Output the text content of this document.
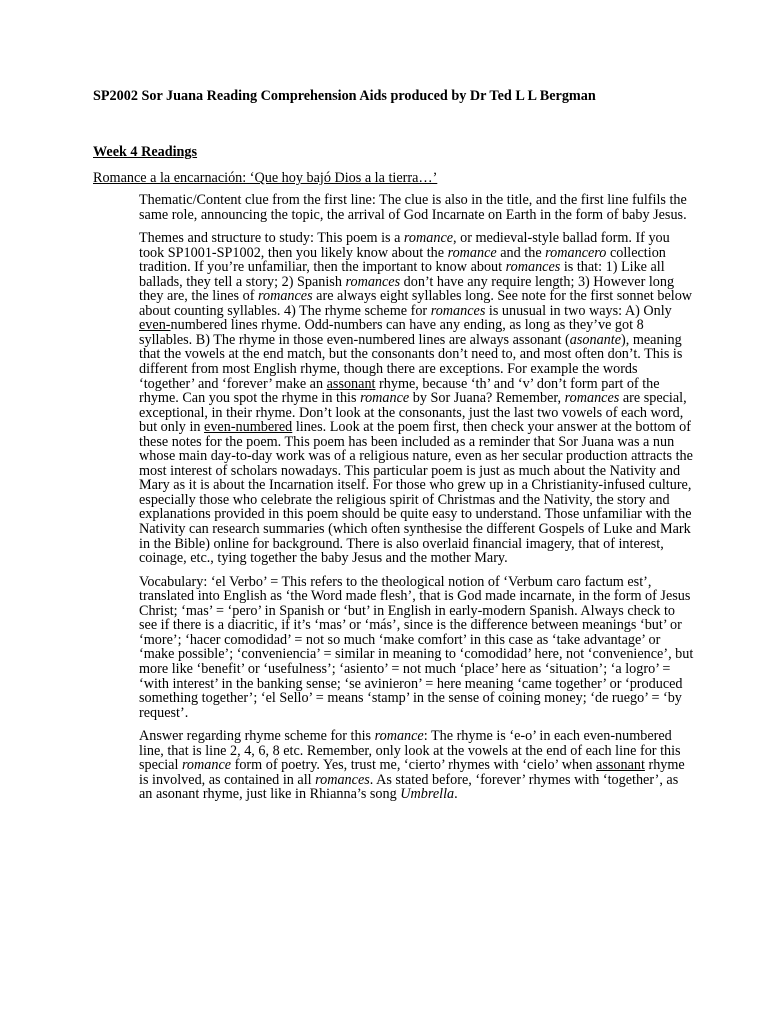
SP2002 Sor Juana Reading Comprehension Aids produced by Dr Ted L L Bergman
Week 4 Readings
Romance a la encarnación: ‘Que hoy bajó Dios a la tierra…’

Thematic/Content clue from the first line: The clue is also in the title, and the first line fulfils the same role, announcing the topic, the arrival of God Incarnate on Earth in the form of baby Jesus.

Themes and structure to study: This poem is a romance, or medieval-style ballad form. If you took SP1001-SP1002, then you likely know about the romance and the romancero collection tradition. If you’re unfamiliar, then the important to know about romances is that: 1) Like all ballads, they tell a story; 2) Spanish romances don’t have any require length; 3) However long they are, the lines of romances are always eight syllables long. See note for the first sonnet below about counting syllables. 4) The rhyme scheme for romances is unusual in two ways: A) Only even-numbered lines rhyme. Odd-numbers can have any ending, as long as they’ve got 8 syllables. B) The rhyme in those even-numbered lines are always assonant (asonante), meaning that the vowels at the end match, but the consonants don’t need to, and most often don’t. This is different from most English rhyme, though there are exceptions. For example the words ‘together’ and ‘forever’ make an assonant rhyme, because ‘th’ and ‘v’ don’t form part of the rhyme. Can you spot the rhyme in this romance by Sor Juana? Remember, romances are special, exceptional, in their rhyme. Don’t look at the consonants, just the last two vowels of each word, but only in even-numbered lines. Look at the poem first, then check your answer at the bottom of these notes for the poem. This poem has been included as a reminder that Sor Juana was a nun whose main day-to-day work was of a religious nature, even as her secular production attracts the most interest of scholars nowadays. This particular poem is just as much about the Nativity and Mary as it is about the Incarnation itself. For those who grew up in a Christianity-infused culture, especially those who celebrate the religious spirit of Christmas and the Nativity, the story and explanations provided in this poem should be quite easy to understand. Those unfamiliar with the Nativity can research summaries (which often synthesise the different Gospels of Luke and Mark in the Bible) online for background. There is also overlaid financial imagery, that of interest, coinage, etc., tying together the baby Jesus and the mother Mary.

Vocabulary: ‘el Verbo’ = This refers to the theological notion of ‘Verbum caro factum est’, translated into English as ‘the Word made flesh’, that is God made incarnate, in the form of Jesus Christ; ‘mas’ = ‘pero’ in Spanish or ‘but’ in English in early-modern Spanish. Always check to see if there is a diacritic, if it’s ‘mas’ or ‘más’, since is the difference between meanings ‘but’ or ‘more’; ‘hacer comodidad’ = not so much ‘make comfort’ in this case as ‘take advantage’ or ‘make possible’; ‘conveniencia’ = similar in meaning to ‘comodidad’ here, not ‘convenience’, but more like ‘benefit’ or ‘usefulness’; ‘asiento’ = not much ‘place’ here as ‘situation’; ‘a logro’ = ‘with interest’ in the banking sense; ‘se avinieron’ = here meaning ‘came together’ or ‘produced something together’; ‘el Sello’ = means ‘stamp’ in the sense of coining money; ‘de ruego’ = ‘by request’.

Answer regarding rhyme scheme for this romance: The rhyme is ‘e-o’ in each even-numbered line, that is line 2, 4, 6, 8 etc. Remember, only look at the vowels at the end of each line for this special romance form of poetry. Yes, trust me, ‘cierto’ rhymes with ‘cielo’ when assonant rhyme is involved, as contained in all romances. As stated before, ‘forever’ rhymes with ‘together’, as an asonant rhyme, just like in Rhianna’s song Umbrella.
